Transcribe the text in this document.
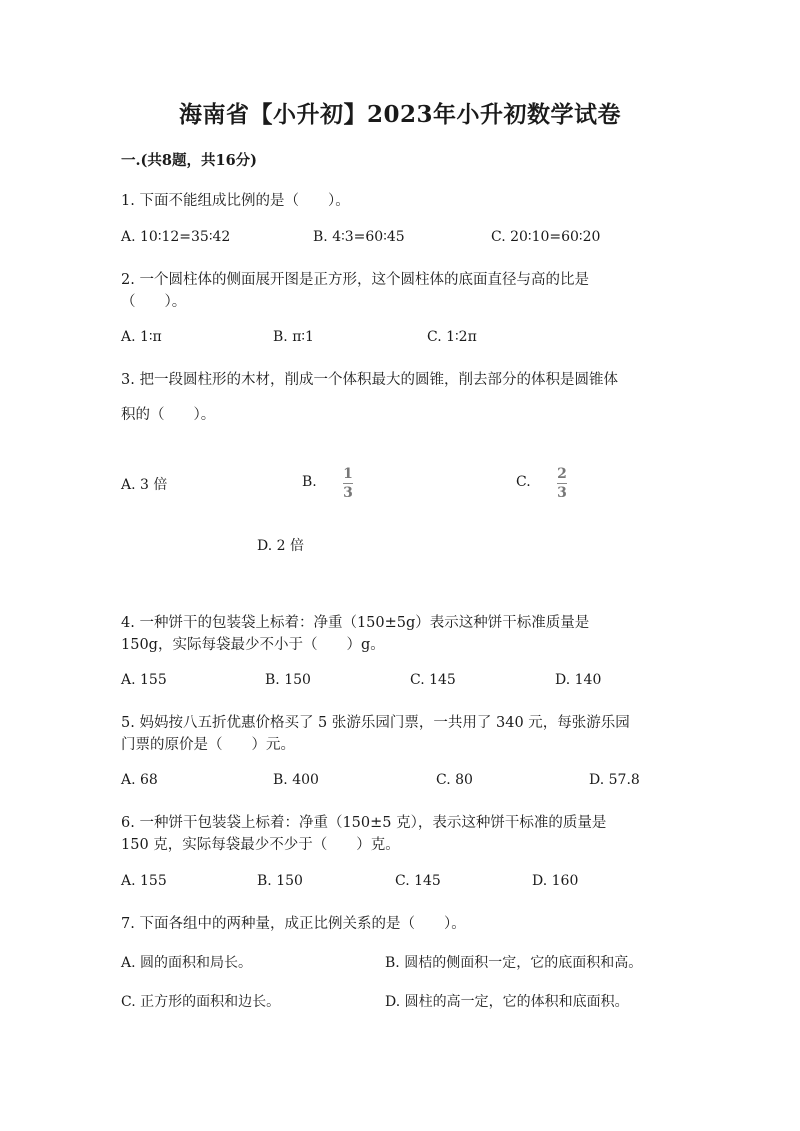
海南省【小升初】2023年小升初数学试卷
一.(共8题，共16分)
1. 下面不能组成比例的是（　　）。
A. 10∶12=35∶42	B. 4∶3=60∶45	C. 20∶10=60∶20
2. 一个圆柱体的侧面展开图是正方形，这个圆柱体的底面直径与高的比是
（　　）。
A. 1∶π	B. π∶1	C. 1∶2π
3. 把一段圆柱形的木材，削成一个体积最大的圆锥，削去部分的体积是圆锥体
积的（　　）。
A. 3 倍	B. 1
3
C. 2
3
D. 2 倍
4. 一种饼干的包装袋上标着：净重（150±5g）表示这种饼干标准质量是
150g，实际每袋最少不小于（　　）g。
A. 155	B. 150	C. 145	D. 140
5. 妈妈按八五折优惠价格买了 5 张游乐园门票，一共用了 340 元，每张游乐园
门票的原价是（　　）元。
A. 68	B. 400	C. 80	D. 57.8
6. 一种饼干包装袋上标着：净重（150±5 克），表示这种饼干标准的质量是
150 克，实际每袋最少不少于（　　）克。
A. 155	B. 150	C. 145	D. 160
7. 下面各组中的两种量，成正比例关系的是（　　）。
A. 圆的面积和局长。	B. 圆桔的侧面积一定，它的底面积和高。
C. 正方形的面积和边长。	D. 圆柱的高一定，它的体积和底面积。
